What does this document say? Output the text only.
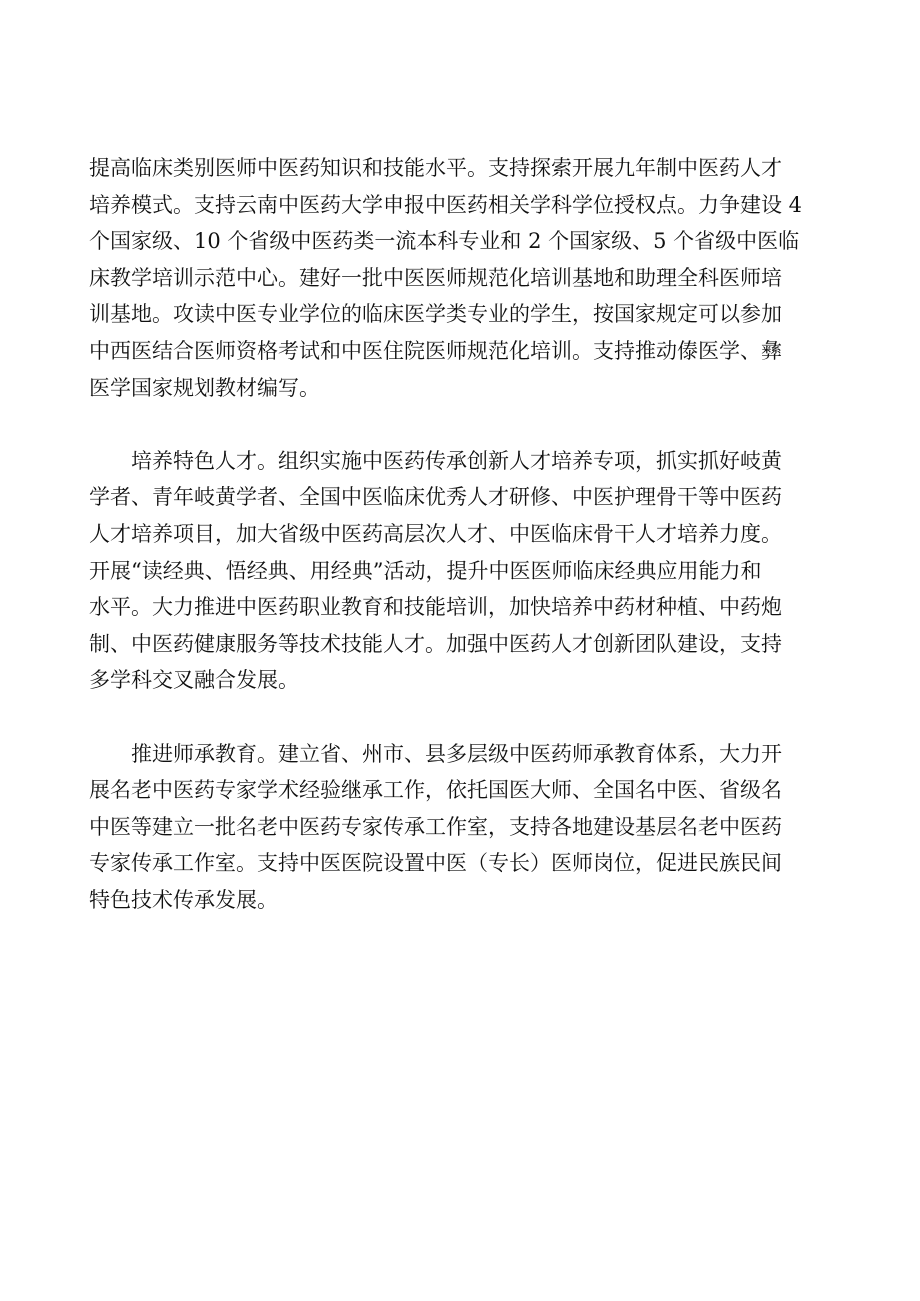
提高临床类别医师中医药知识和技能水平。支持探索开展九年制中医药人才
培养模式。支持云南中医药大学申报中医药相关学科学位授权点。力争建设 4
个国家级、10 个省级中医药类一流本科专业和 2 个国家级、5 个省级中医临
床教学培训示范中心。建好一批中医医师规范化培训基地和助理全科医师培
训基地。攻读中医专业学位的临床医学类专业的学生，按国家规定可以参加
中西医结合医师资格考试和中医住院医师规范化培训。支持推动傣医学、彝
医学国家规划教材编写。
　　培养特色人才。组织实施中医药传承创新人才培养专项，抓实抓好岐黄
学者、青年岐黄学者、全国中医临床优秀人才研修、中医护理骨干等中医药
人才培养项目，加大省级中医药高层次人才、中医临床骨干人才培养力度。
开展“读经典、悟经典、用经典”活动，提升中医医师临床经典应用能力和
水平。大力推进中医药职业教育和技能培训，加快培养中药材种植、中药炮
制、中医药健康服务等技术技能人才。加强中医药人才创新团队建设，支持
多学科交叉融合发展。
　　推进师承教育。建立省、州市、县多层级中医药师承教育体系，大力开
展名老中医药专家学术经验继承工作，依托国医大师、全国名中医、省级名
中医等建立一批名老中医药专家传承工作室，支持各地建设基层名老中医药
专家传承工作室。支持中医医院设置中医（专长）医师岗位，促进民族民间
特色技术传承发展。
